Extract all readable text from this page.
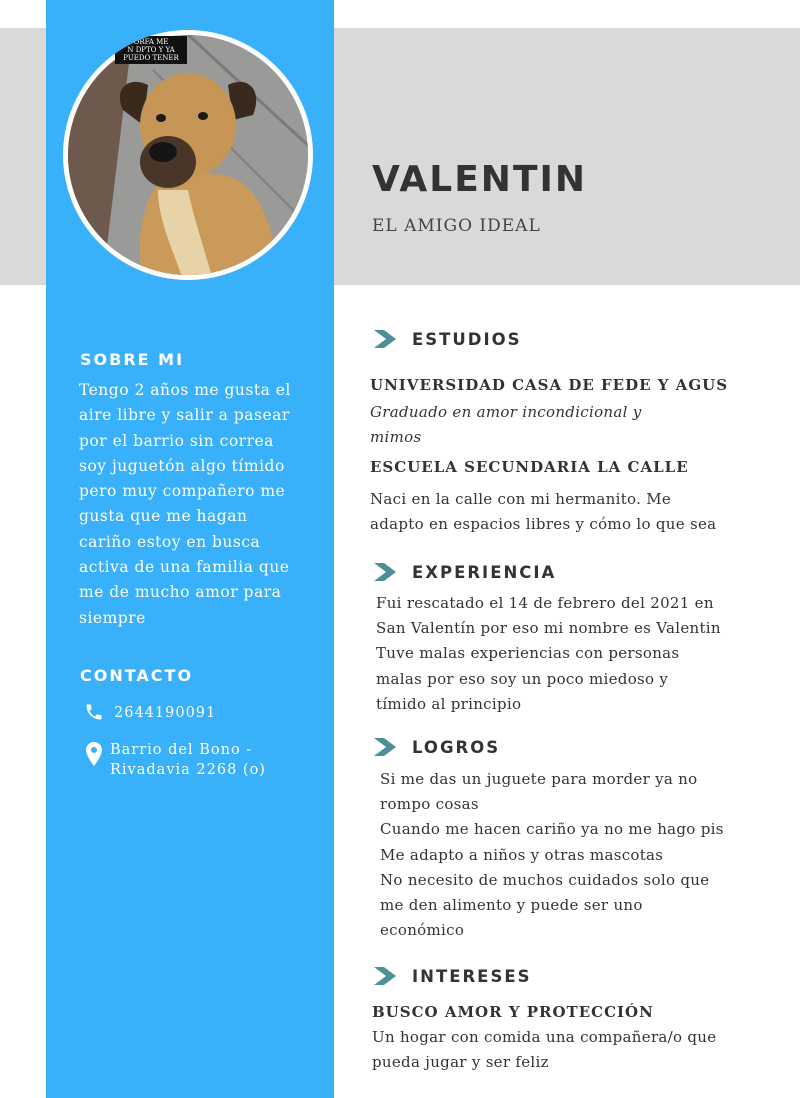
ORFA ME
N DPTO Y YA
PUEDO TENER
VALENTIN
EL AMIGO IDEAL
SOBRE MI
Tengo 2 años me gusta el
aire libre y salir a pasear
por el barrio sin correa
soy juguetón algo tímido
pero muy compañero me
gusta que me hagan
cariño estoy en busca
activa de una familia que
me de mucho amor para
siempre
CONTACTO
2644190091
Barrio del Bono -
Rivadavia 2268 (o)
ESTUDIOS
UNIVERSIDAD CASA DE FEDE Y AGUS
Graduado en amor incondicional y
mimos
ESCUELA SECUNDARIA LA CALLE
Naci en la calle con mi hermanito. Me
adapto en espacios libres y cómo lo que sea
EXPERIENCIA
Fui rescatado el 14 de febrero del 2021 en
San Valentín por eso mi nombre es Valentin
Tuve malas experiencias con personas
malas por eso soy un poco miedoso y
tímido al principio
LOGROS
Si me das un juguete para morder ya no
rompo cosas
Cuando me hacen cariño ya no me hago pis
Me adapto a niños y otras mascotas
No necesito de muchos cuidados solo que
me den alimento y puede ser uno
económico
INTERESES
BUSCO AMOR Y PROTECCIÓN
Un hogar con comida una compañera/o que
pueda jugar y ser feliz
